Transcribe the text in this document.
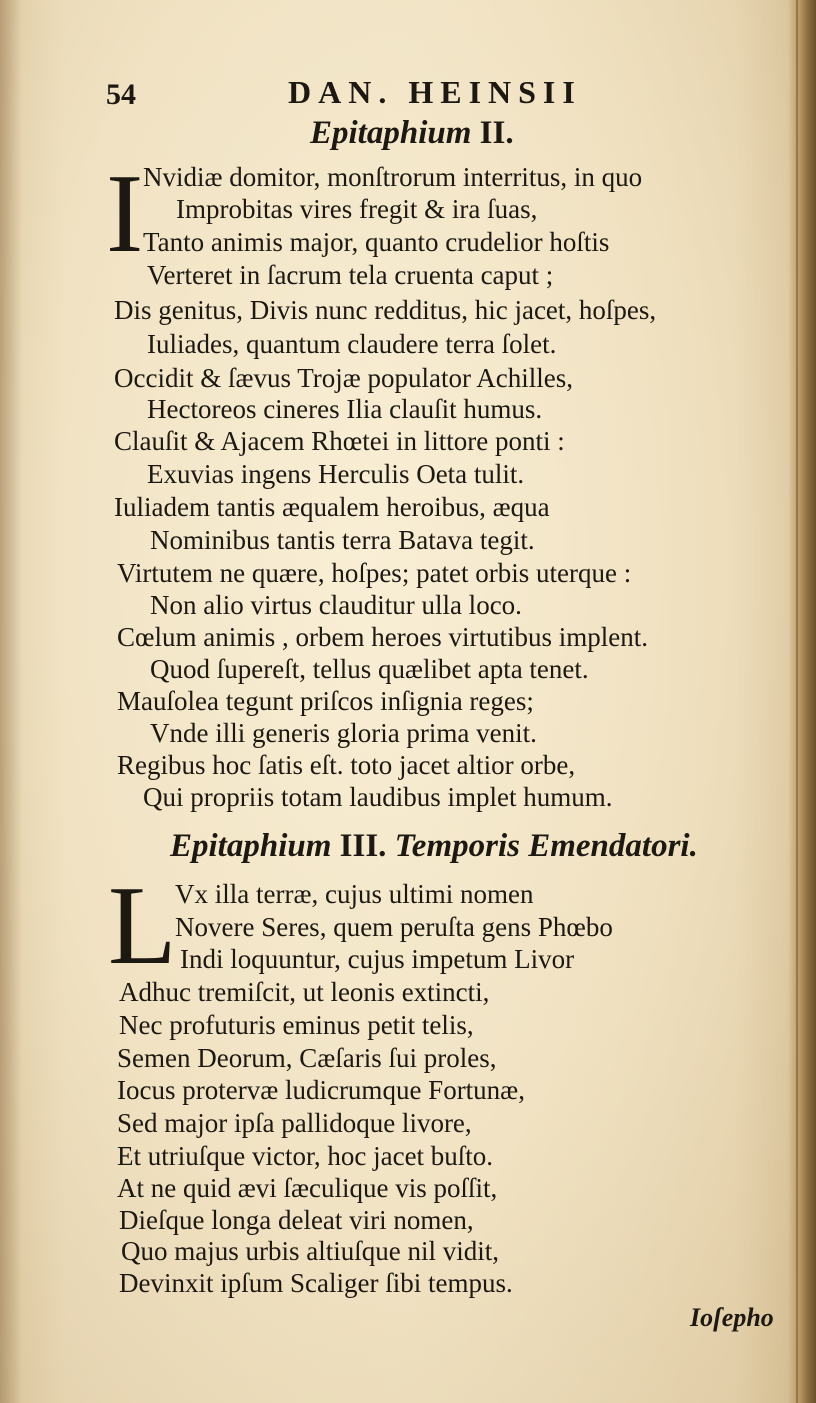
54	DAN. HEINSII
Epitaphium II.
I Nvidiæ domitor, monſtrorum interritus, in quo
Improbitas vires fregit & ira ſuas,
Tanto animis major, quanto crudelior hoſtis
Verteret in ſacrum tela cruenta caput ;
Dis genitus, Divis nunc redditus, hic jacet, hoſpes,
Iuliades, quantum claudere terra ſolet.
Occidit & ſævus Trojæ populator Achilles,
Hectoreos cineres Ilia clauſit humus.
Clauſit & Ajacem Rhœtei in littore ponti :
Exuvias ingens Herculis Oeta tulit.
Iuliadem tantis æqualem heroibus, æqua
Nominibus tantis terra Batava tegit.
Virtutem ne quære, hoſpes; patet orbis uterque :
Non alio virtus clauditur ulla loco.
Cœlum animis , orbem heroes virtutibus implent.
Quod ſupereſt, tellus quælibet apta tenet.
Mauſolea tegunt priſcos inſignia reges;
Vnde illi generis gloria prima venit.
Regibus hoc ſatis eſt. toto jacet altior orbe,
Qui propriis totam laudibus implet humum.
Epitaphium III. Temporis Emendatori.
L
Vx illa terræ, cujus ultimi nomen
Novere Seres, quem peruſta gens Phœbo
Indi loquuntur, cujus impetum Livor
Adhuc tremiſcit, ut leonis extincti,
Nec profuturis eminus petit telis,
Semen Deorum, Cæſaris ſui proles,
Iocus protervæ ludicrumque Fortunæ,
Sed major ipſa pallidoque livore,
Et utriuſque victor, hoc jacet buſto.
At ne quid ævi ſæculique vis poſſit,
Dieſque longa deleat viri nomen,
Quo majus urbis altiuſque nil vidit,
Devinxit ipſum Scaliger ſibi tempus.
Ioſepho
